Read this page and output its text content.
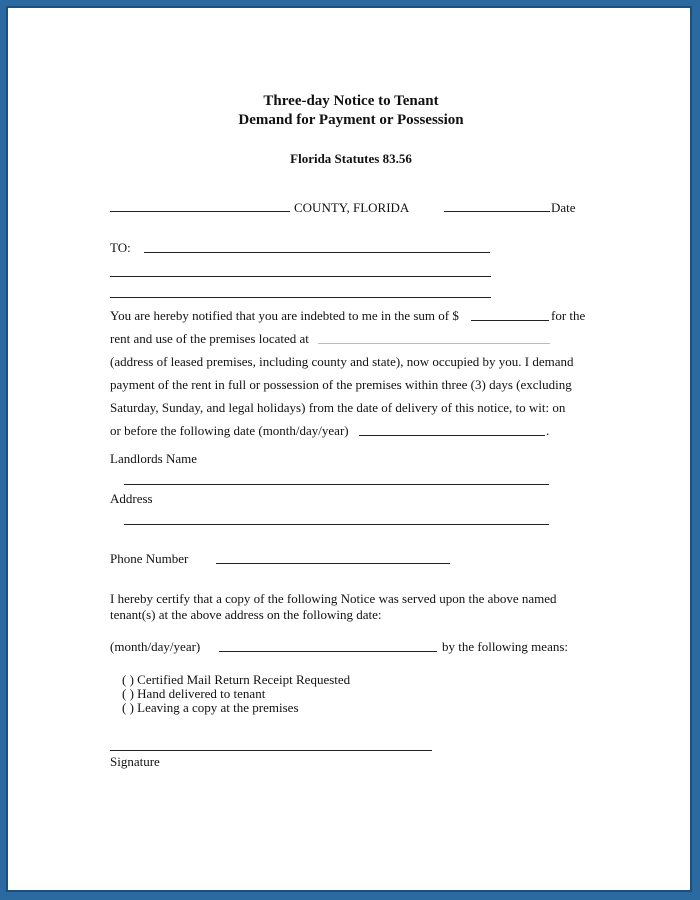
Three-day Notice to Tenant
Demand for Payment or Possession
Florida Statutes 83.56
COUNTY, FLORIDA	Date
TO:
You are hereby notified that you are indebted to me in the sum of $	for the
rent and use of the premises located at
(address of leased premises, including county and state), now occupied by you. I demand
payment of the rent in full or possession of the premises within three (3) days (excluding
Saturday, Sunday, and legal holidays) from the date of delivery of this notice, to wit: on
or before the following date (month/day/year)	.
Landlords Name
Address
Phone Number
I hereby certify that a copy of the following Notice was served upon the above named
tenant(s) at the above address on the following date:
(month/day/year)	by the following means:
( ) Certified Mail Return Receipt Requested
( ) Hand delivered to tenant
( ) Leaving a copy at the premises
Signature
